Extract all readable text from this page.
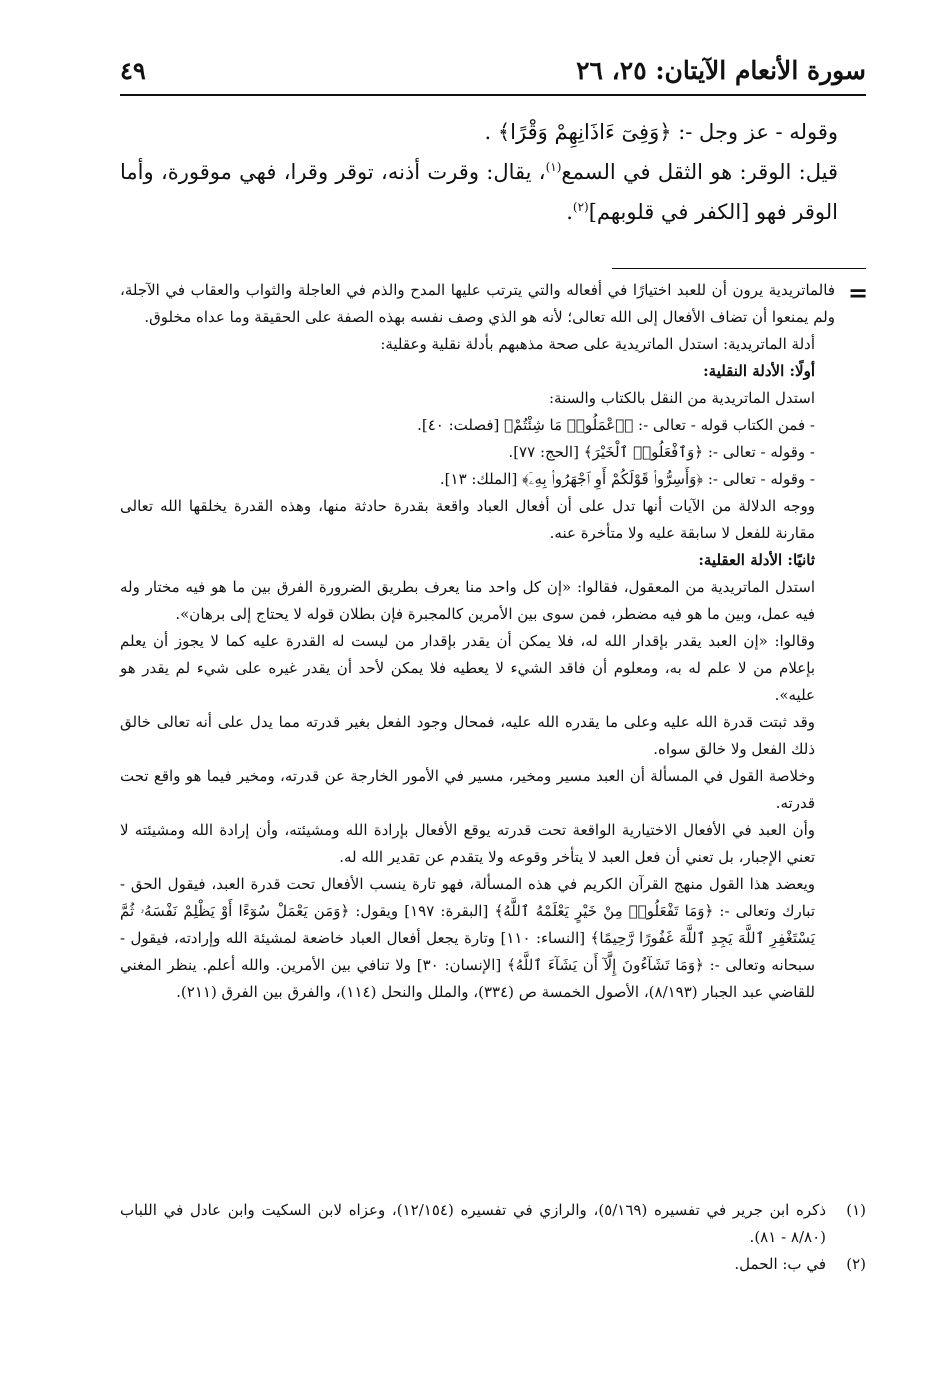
سورة الأنعام الآيتان: ٢٥، ٢٦
٤٩

وقوله - عز وجل -: ﴿وَفِىٓ ءَاذَانِهِمْ وَقْرًا﴾ .

قيل: الوقر: هو الثقل في السمع$^{(١)}$، يقال: وقرت أذنه، توقر وقرا، فهي موقورة، وأما الوقر فهو [الكفر في قلوبهم]$^{(٢)}$.

=

فالماتريدية يرون أن للعبد اختيارًا في أفعاله والتي يترتب عليها المدح والذم في العاجلة والثواب والعقاب في الآجلة، ولم يمنعوا أن تضاف الأفعال إلى الله تعالى؛ لأنه هو الذي وصف نفسه بهذه الصفة على الحقيقة وما عداه مخلوق.

أدلة الماتريدية: استدل الماتريدية على صحة مذهبهم بأدلة نقلية وعقلية:

أولًا: الأدلة النقلية:

استدل الماتريدية من النقل بالكتاب والسنة:

- فمن الكتاب قوله - تعالى -: ﴿ٱعْمَلُوا۟ مَا شِئْتُمْ﴾ [فصلت: ٤٠].

- وقوله - تعالى -: ﴿وَٱفْعَلُوا۟ ٱلْخَيْرَ﴾ [الحج: ٧٧].

- وقوله - تعالى -: ﴿وَأَسِرُّوا۟ قَوْلَكُمْ أَوِ ٱجْهَرُوا۟ بِهِۦٓ﴾ [الملك: ١٣].

ووجه الدلالة من الآيات أنها تدل على أن أفعال العباد واقعة بقدرة حادثة منها، وهذه القدرة يخلقها الله تعالى مقارنة للفعل لا سابقة عليه ولا متأخرة عنه.

ثانيًا: الأدلة العقلية:

استدل الماتريدية من المعقول، فقالوا: «إن كل واحد منا يعرف بطريق الضرورة الفرق بين ما هو فيه مختار وله فيه عمل، وبين ما هو فيه مضطر، فمن سوى بين الأمرين كالمجبرة فإن بطلان قوله لا يحتاج إلى برهان».

وقالوا: «إن العبد يقدر بإقدار الله له، فلا يمكن أن يقدر بإقدار من ليست له القدرة عليه كما لا يجوز أن يعلم بإعلام من لا علم له به، ومعلوم أن فاقد الشيء لا يعطيه فلا يمكن لأحد أن يقدر غيره على شيء لم يقدر هو عليه».

وقد ثبتت قدرة الله عليه وعلى ما يقدره الله عليه، فمحال وجود الفعل بغير قدرته مما يدل على أنه تعالى خالق ذلك الفعل ولا خالق سواه.

وخلاصة القول في المسألة أن العبد مسير ومخير، مسير في الأمور الخارجة عن قدرته، ومخير فيما هو واقع تحت قدرته.

وأن العبد في الأفعال الاختيارية الواقعة تحت قدرته يوقع الأفعال بإرادة الله ومشيئته، وأن إرادة الله ومشيئته لا تعني الإجبار، بل تعني أن فعل العبد لا يتأخر وقوعه ولا يتقدم عن تقدير الله له.

ويعضد هذا القول منهج القرآن الكريم في هذه المسألة، فهو تارة ينسب الأفعال تحت قدرة العبد، فيقول الحق - تبارك وتعالى -: ﴿وَمَا تَفْعَلُوا۟ مِنْ خَيْرٍ يَعْلَمْهُ ٱللَّهُ﴾ [البقرة: ١٩٧] ويقول: ﴿وَمَن يَعْمَلْ سُوٓءًا أَوْ يَظْلِمْ نَفْسَهُۥ ثُمَّ يَسْتَغْفِرِ ٱللَّهَ يَجِدِ ٱللَّهَ غَفُورًا رَّحِيمًا﴾ [النساء: ١١٠] وتارة يجعل أفعال العباد خاضعة لمشيئة الله وإرادته، فيقول - سبحانه وتعالى -: ﴿وَمَا تَشَآءُونَ إِلَّآ أَن يَشَآءَ ٱللَّهُ﴾ [الإنسان: ٣٠] ولا تنافي بين الأمرين. والله أعلم. ينظر المغني للقاضي عبد الجبار (٨/١٩٣)، الأصول الخمسة ص (٣٣٤)، والملل والنحل (١١٤)، والفرق بين الفرق (٢١١).

(١)
ذكره ابن جرير في تفسيره (٥/١٦٩)، والرازي في تفسيره (١٢/١٥٤)، وعزاه لابن السكيت وابن عادل في اللباب (٨/٨٠ - ٨١).
(٢)
في ب: الحمل.
